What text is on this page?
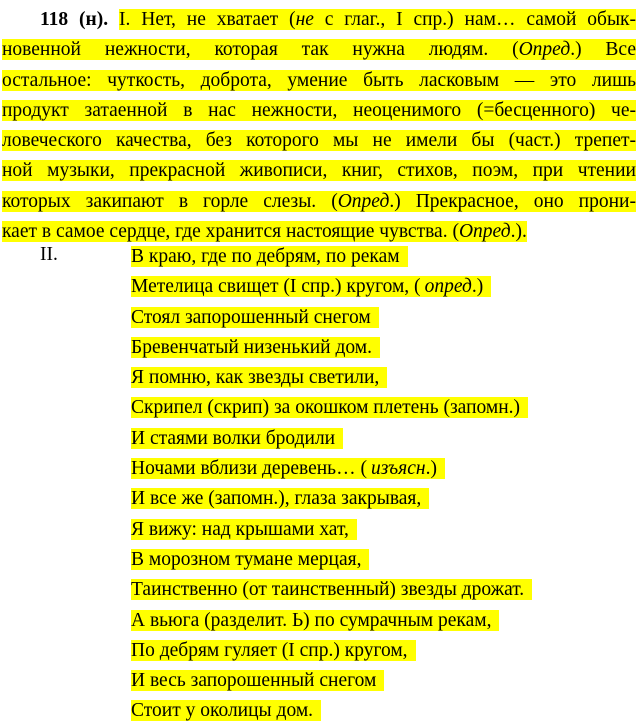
118 (н). I. Нет, не хватает (не с глаг., I спр.) нам… самой обык-
новенной нежности, которая так нужна людям. (Опред.) Все
остальное: чуткость, доброта, умение быть ласковым — это лишь
продукт затаенной в нас нежности, неоценимого (=бесценного) че-
ловеческого качества, без которого мы не имели бы (част.) трепет-
ной музыки, прекрасной живописи, книг, стихов, поэм, при чтении
которых закипают в горле слезы. (Опред.) Прекрасное, оно прони-
кает в самое сердце, где хранится настоящие чувства. (Опред.).
II.	В краю, где по дебрям, по рекам
Метелица свищет (I спр.) кругом, ( опред.)
Стоял запорошенный снегом
Бревенчатый низенький дом.
Я помню, как звезды светили,
Скрипел (скрип) за окошком плетень (запомн.)
И стаями волки бродили
Ночами вблизи деревень… ( изъясн.)
И все же (запомн.), глаза закрывая,
Я вижу: над крышами хат,
В морозном тумане мерцая,
Таинственно (от таинственный) звезды дрожат.
А вьюга (разделит. Ь) по сумрачным рекам,
По дебрям гуляет (I спр.) кругом,
И весь запорошенный снегом
Стоит у околицы дом.
